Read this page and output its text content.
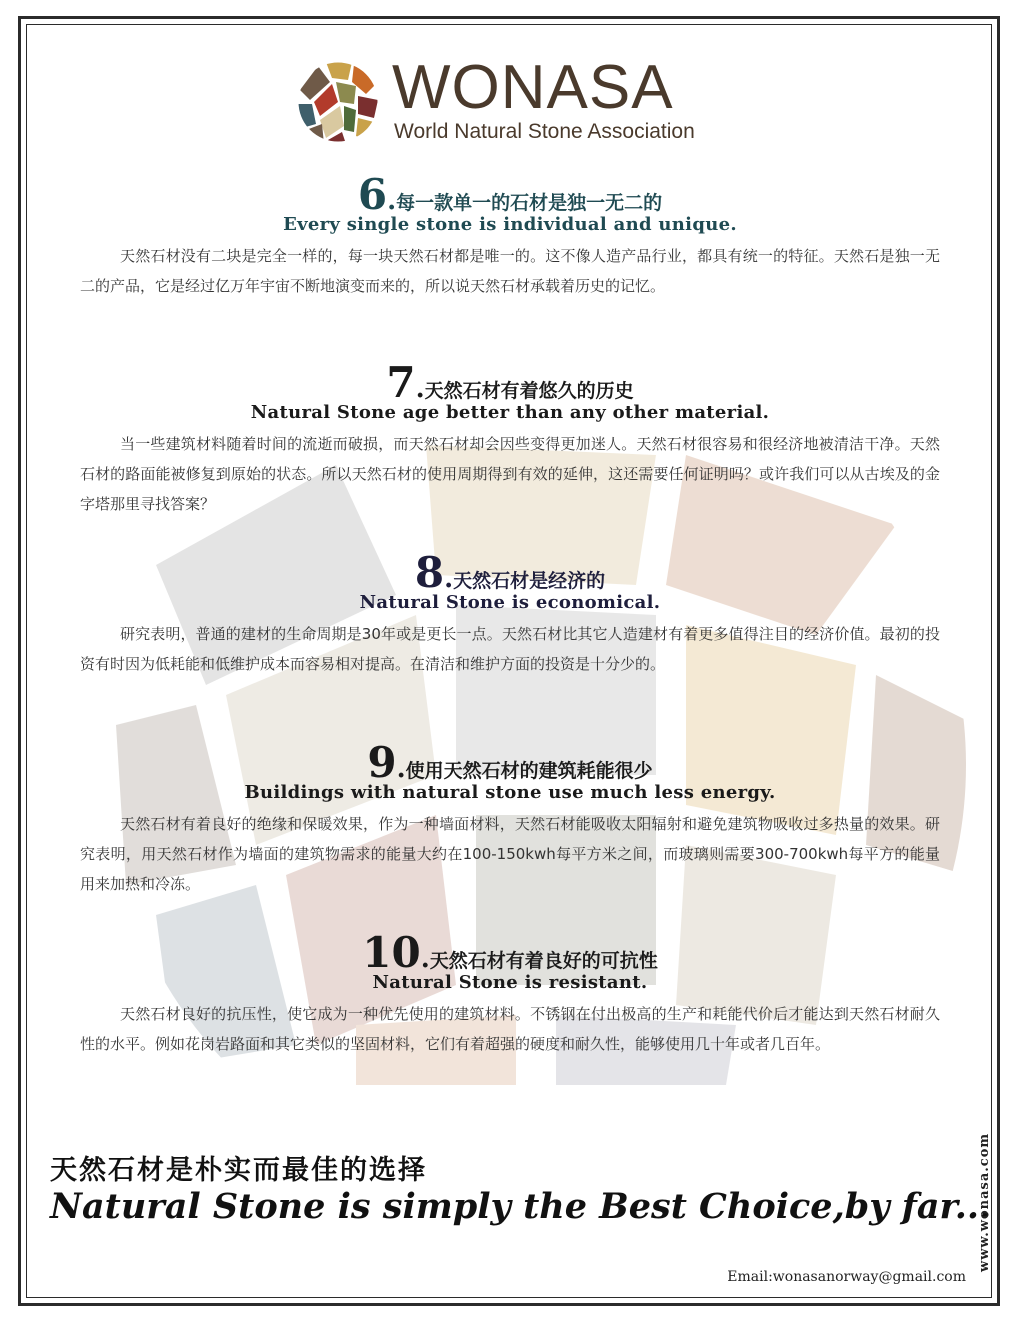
WONASA
World Natural Stone Association
6.每一款单一的石材是独一无二的
Every single stone is individual and unique.
天然石材没有二块是完全一样的，每一块天然石材都是唯一的。这不像人造产品行业，都具有统一的特征。天然石是独一无二的产品，它是经过亿万年宇宙不断地演变而来的，所以说天然石材承载着历史的记忆。
7.天然石材有着悠久的历史
Natural Stone age better than any other material.
当一些建筑材料随着时间的流逝而破损，而天然石材却会因些变得更加迷人。天然石材很容易和很经济地被清洁干净。天然石材的路面能被修复到原始的状态。所以天然石材的使用周期得到有效的延伸，这还需要任何证明吗？或许我们可以从古埃及的金字塔那里寻找答案？
8.天然石材是经济的
Natural Stone is economical.
研究表明，普通的建材的生命周期是30年或是更长一点。天然石材比其它人造建材有着更多值得注目的经济价值。最初的投资有时因为低耗能和低维护成本而容易相对提高。在清洁和维护方面的投资是十分少的。
9.使用天然石材的建筑耗能很少
Buildings with natural stone use much less energy.
天然石材有着良好的绝缘和保暖效果，作为一种墙面材料，天然石材能吸收太阳辐射和避免建筑物吸收过多热量的效果。研究表明，用天然石材作为墙面的建筑物需求的能量大约在100-150kwh每平方米之间，而玻璃则需要300-700kwh每平方的能量用来加热和冷冻。
10.天然石材有着良好的可抗性
Natural Stone is resistant.
天然石材良好的抗压性，使它成为一种优先使用的建筑材料。不锈钢在付出极高的生产和耗能代价后才能达到天然石材耐久性的水平。例如花岗岩路面和其它类似的坚固材料，它们有着超强的硬度和耐久性，能够使用几十年或者几百年。
天然石材是朴实而最佳的选择
Natural Stone is simply the Best Choice,by far...
Email:wonasanorway@gmail.com
www.wonasa.com
